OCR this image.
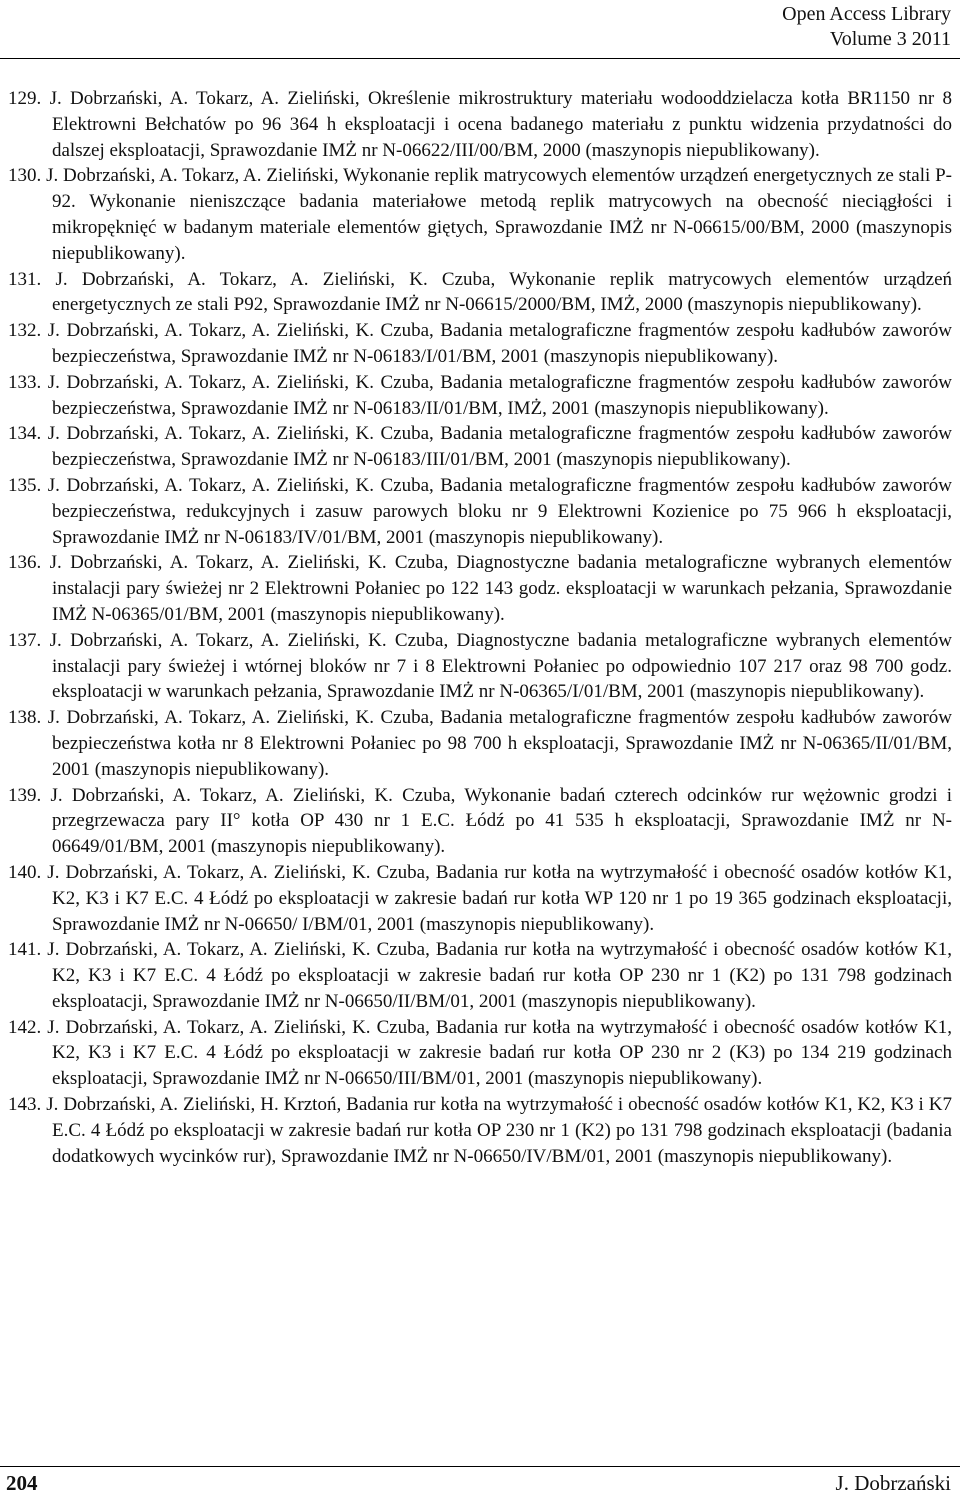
Open Access Library
Volume 3 2011

129. J. Dobrzański, A. Tokarz, A. Zieliński, Określenie mikrostruktury materiału wodooddzielacza kotła BR1150 nr 8 Elektrowni Bełchatów po 96 364 h eksploatacji i ocena badanego materiału z punktu widzenia przydatności do dalszej eksploatacji, Sprawozdanie IMŻ nr N-06622/III/00/BM, 2000 (maszynopis niepublikowany).

130. J. Dobrzański, A. Tokarz, A. Zieliński, Wykonanie replik matrycowych elementów urządzeń energetycznych ze stali P-92. Wykonanie nieniszczące badania materiałowe metodą replik matrycowych na obecność nieciągłości i mikropęknięć w badanym materiale elementów giętych, Sprawozdanie IMŻ nr N-06615/00/BM, 2000 (maszynopis niepublikowany).

131. J. Dobrzański, A. Tokarz, A. Zieliński, K. Czuba, Wykonanie replik matrycowych elementów urządzeń energetycznych ze stali P92, Sprawozdanie IMŻ nr N-06615/2000/BM, IMŻ, 2000 (maszynopis niepublikowany).

132. J. Dobrzański, A. Tokarz, A. Zieliński, K. Czuba, Badania metalograficzne fragmentów zespołu kadłubów zaworów bezpieczeństwa, Sprawozdanie IMŻ nr N-06183/I/01/BM, 2001 (maszynopis niepublikowany).

133. J. Dobrzański, A. Tokarz, A. Zieliński, K. Czuba, Badania metalograficzne fragmentów zespołu kadłubów zaworów bezpieczeństwa, Sprawozdanie IMŻ nr N-06183/II/01/BM, IMŻ, 2001 (maszynopis niepublikowany).

134. J. Dobrzański, A. Tokarz, A. Zieliński, K. Czuba, Badania metalograficzne fragmentów zespołu kadłubów zaworów bezpieczeństwa, Sprawozdanie IMŻ nr N-06183/III/01/BM, 2001 (maszynopis niepublikowany).

135. J. Dobrzański, A. Tokarz, A. Zieliński, K. Czuba, Badania metalograficzne fragmentów zespołu kadłubów zaworów bezpieczeństwa, redukcyjnych i zasuw parowych bloku nr 9 Elektrowni Kozienice po 75 966 h eksploatacji, Sprawozdanie IMŻ nr N-06183/IV/01/BM, 2001 (maszynopis niepublikowany).

136. J. Dobrzański, A. Tokarz, A. Zieliński, K. Czuba, Diagnostyczne badania metalograficzne wybranych elementów instalacji pary świeżej nr 2 Elektrowni Połaniec po 122 143 godz. eksploatacji w warunkach pełzania, Sprawozdanie IMŻ N-06365/01/BM, 2001 (maszynopis niepublikowany).

137. J. Dobrzański, A. Tokarz, A. Zieliński, K. Czuba, Diagnostyczne badania metalograficzne wybranych elementów instalacji pary świeżej i wtórnej bloków nr 7 i 8 Elektrowni Połaniec po odpowiednio 107 217 oraz 98 700 godz. eksploatacji w warunkach pełzania, Sprawozdanie IMŻ nr N-06365/I/01/BM, 2001 (maszynopis niepublikowany).

138. J. Dobrzański, A. Tokarz, A. Zieliński, K. Czuba, Badania metalograficzne fragmentów zespołu kadłubów zaworów bezpieczeństwa kotła nr 8 Elektrowni Połaniec po 98 700 h eksploatacji, Sprawozdanie IMŻ nr N-06365/II/01/BM, 2001 (maszynopis niepublikowany).

139. J. Dobrzański, A. Tokarz, A. Zieliński, K. Czuba, Wykonanie badań czterech odcinków rur wężownic grodzi i przegrzewacza pary II° kotła OP 430 nr 1 E.C. Łódź po 41 535 h eksploatacji, Sprawozdanie IMŻ nr N-06649/01/BM, 2001 (maszynopis niepublikowany).

140. J. Dobrzański, A. Tokarz, A. Zieliński, K. Czuba, Badania rur kotła na wytrzymałość i obecność osadów kotłów K1, K2, K3 i K7 E.C. 4 Łódź po eksploatacji w zakresie badań rur kotła WP 120 nr 1 po 19 365 godzinach eksploatacji, Sprawozdanie IMŻ nr N-06650/ I/BM/01, 2001 (maszynopis niepublikowany).

141. J. Dobrzański, A. Tokarz, A. Zieliński, K. Czuba, Badania rur kotła na wytrzymałość i obecność osadów kotłów K1, K2, K3 i K7 E.C. 4 Łódź po eksploatacji w zakresie badań rur kotła OP 230 nr 1 (K2) po 131 798 godzinach eksploatacji, Sprawozdanie IMŻ nr N-06650/II/BM/01, 2001 (maszynopis niepublikowany).

142. J. Dobrzański, A. Tokarz, A. Zieliński, K. Czuba, Badania rur kotła na wytrzymałość i obecność osadów kotłów K1, K2, K3 i K7 E.C. 4 Łódź po eksploatacji w zakresie badań rur kotła OP 230 nr 2 (K3) po 134 219 godzinach eksploatacji, Sprawozdanie IMŻ nr N-06650/III/BM/01, 2001 (maszynopis niepublikowany).

143. J. Dobrzański, A. Zieliński, H. Krztoń, Badania rur kotła na wytrzymałość i obecność osadów kotłów K1, K2, K3 i K7 E.C. 4 Łódź po eksploatacji w zakresie badań rur kotła OP 230 nr 1 (K2) po 131 798 godzinach eksploatacji (badania dodatkowych wycinków rur), Sprawozdanie IMŻ nr N-06650/IV/BM/01, 2001 (maszynopis niepublikowany).

204	J. Dobrzański
